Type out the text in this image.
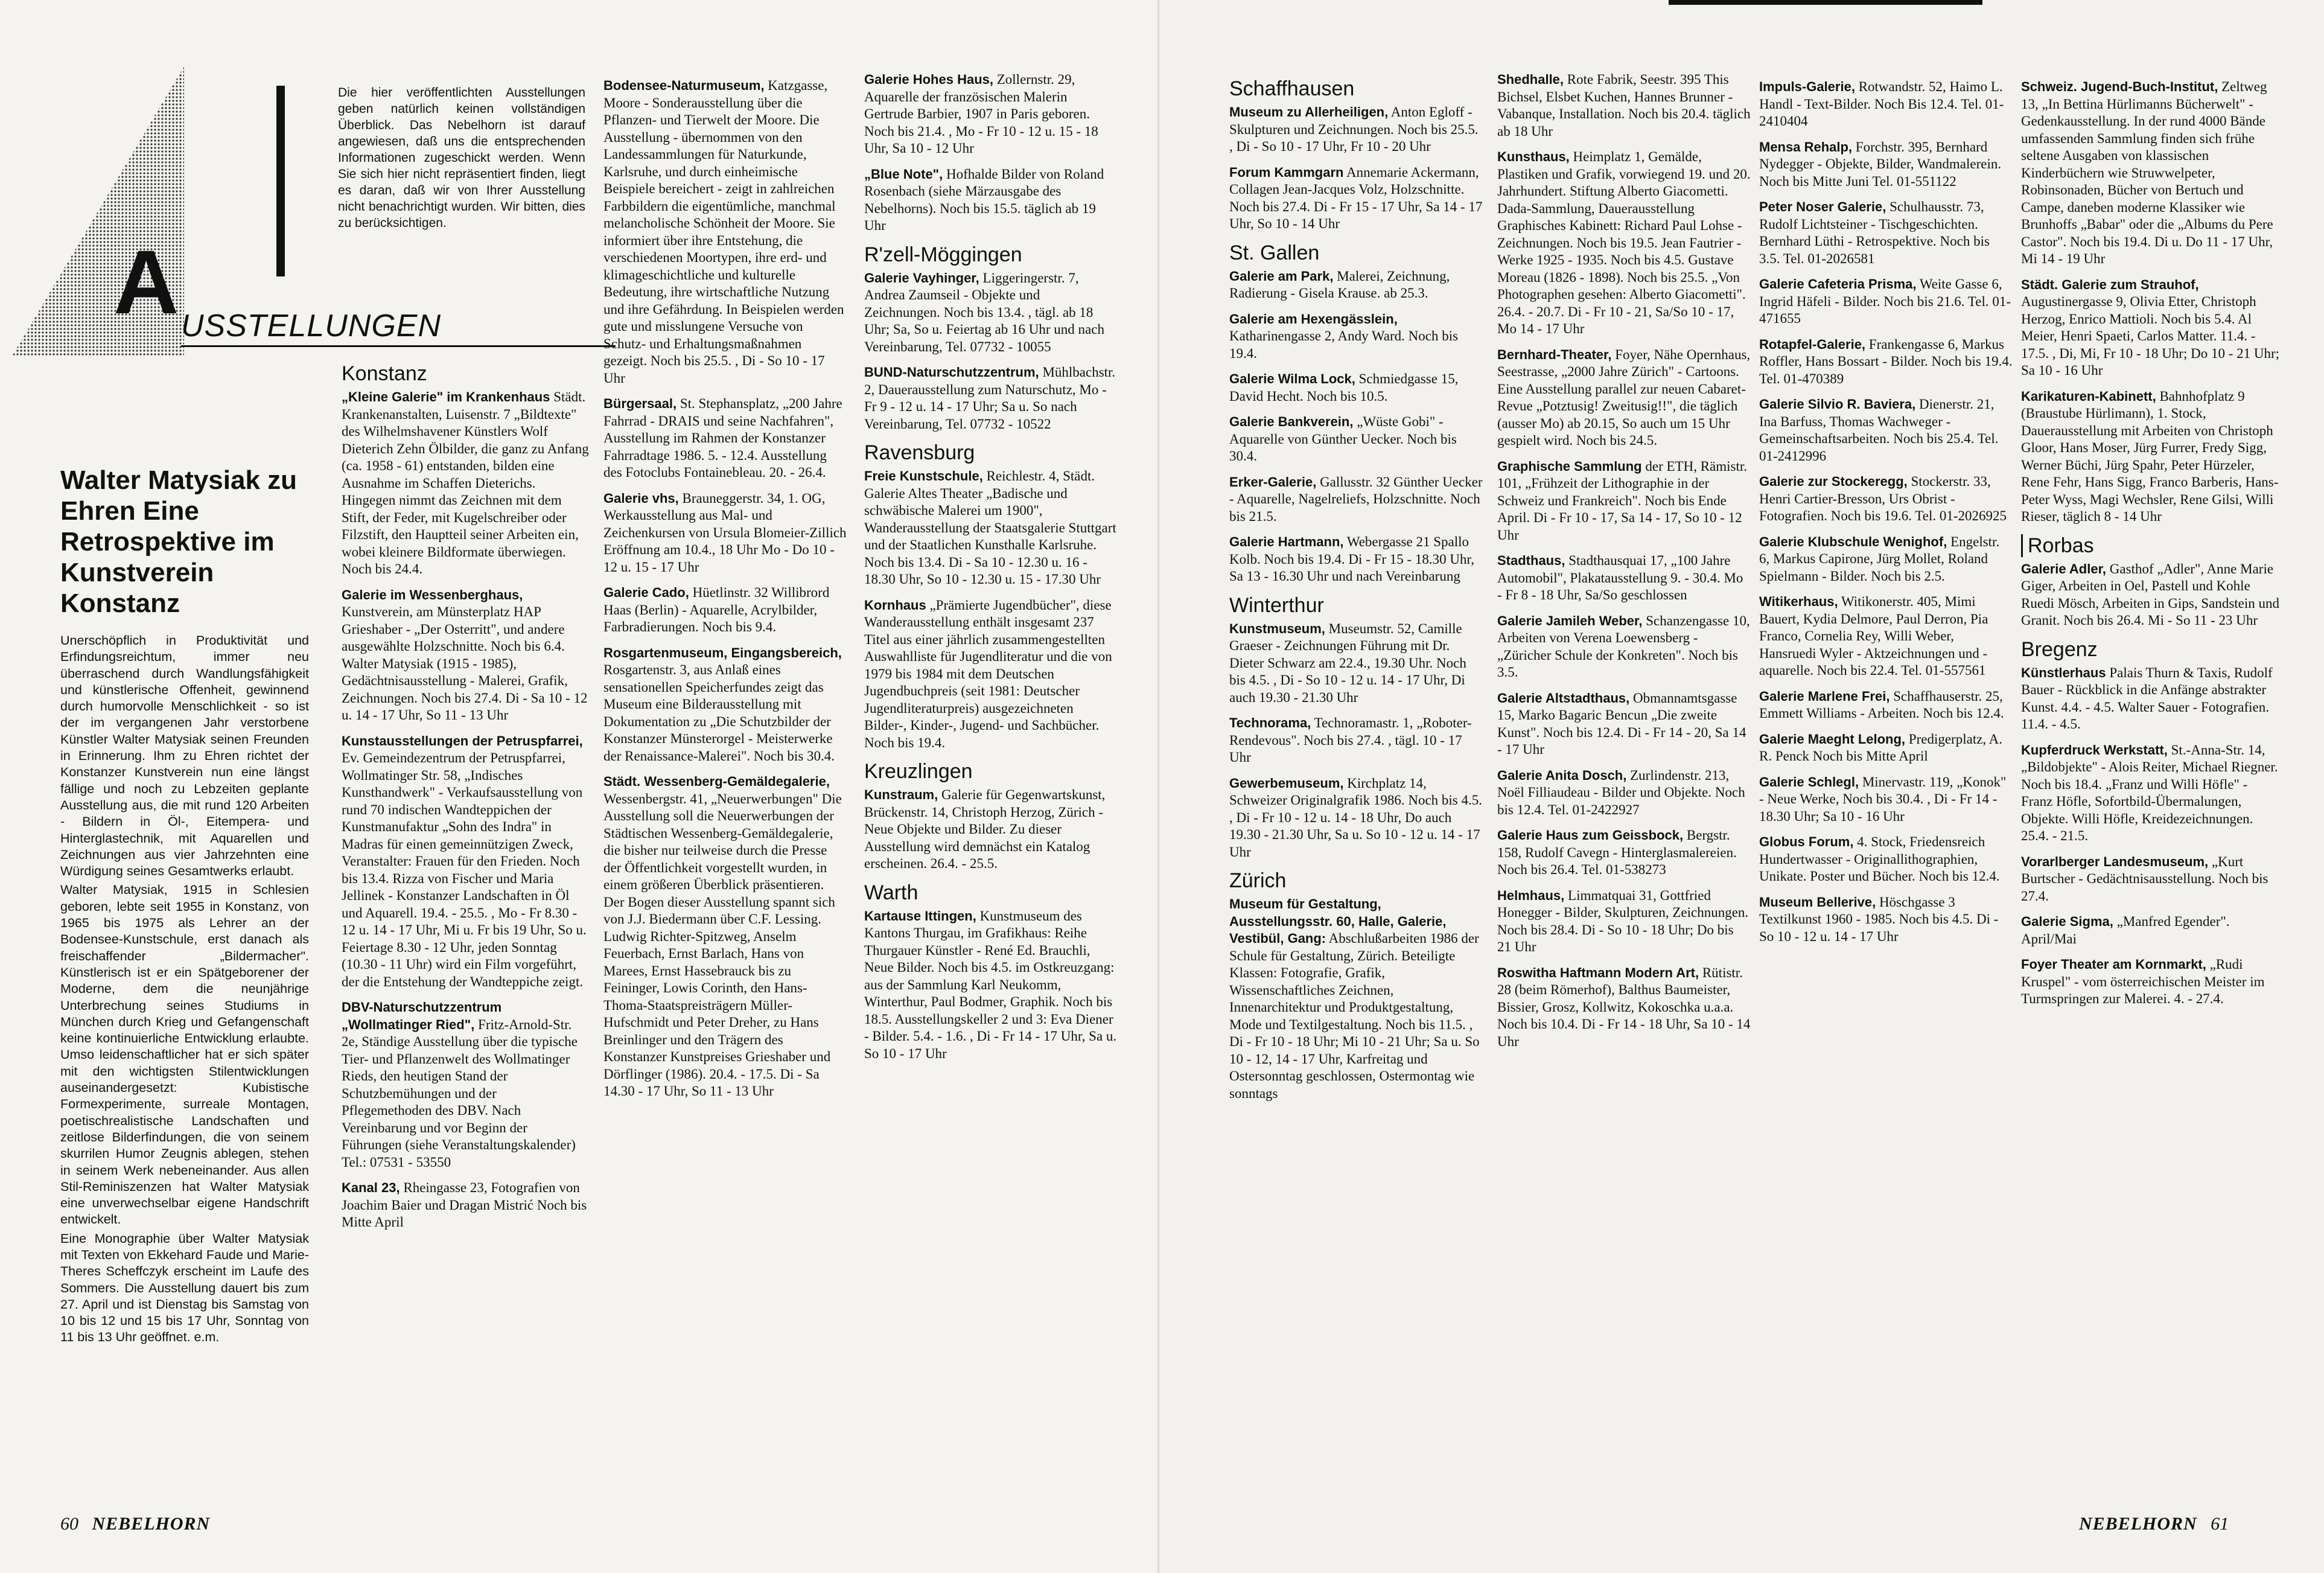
A USSTELLUNGEN
Die hier veröffentlichten Ausstellungen geben natürlich keinen vollständigen Überblick. Das Nebelhorn ist darauf angewiesen, daß uns die entsprechenden Informationen zugeschickt werden. Wenn Sie sich hier nicht repräsentiert finden, liegt es daran, daß wir von Ihrer Ausstellung nicht benachrichtigt wurden. Wir bitten, dies zu berücksichtigen.
Walter Matysiak zu Ehren Eine Retrospektive im Kunstverein Konstanz

Unerschöpflich in Produktivität und Erfindungsreichtum, immer neu überraschend durch Wandlungsfähigkeit und künstlerische Offenheit, gewinnend durch humorvolle Menschlichkeit - so ist der im vergangenen Jahr verstorbene Künstler Walter Matysiak seinen Freunden in Erinnerung. Ihm zu Ehren richtet der Konstanzer Kunstverein nun eine längst fällige und noch zu Lebzeiten geplante Ausstellung aus, die mit rund 120 Arbeiten - Bildern in Öl-, Eitempera- und Hinterglastechnik, mit Aquarellen und Zeichnungen aus vier Jahrzehnten eine Würdigung seines Gesamtwerks erlaubt.

Walter Matysiak, 1915 in Schlesien geboren, lebte seit 1955 in Konstanz, von 1965 bis 1975 als Lehrer an der Bodensee-Kunstschule, erst danach als freischaffender „Bildermacher". Künstlerisch ist er ein Spätgeborener der Moderne, dem die neunjährige Unterbrechung seines Studiums in München durch Krieg und Gefangenschaft keine kontinuierliche Entwicklung erlaubte. Umso leidenschaftlicher hat er sich später mit den wichtigsten Stilentwicklungen auseinandergesetzt: Kubistische Formexperimente, surreale Montagen, poetischrealistische Landschaften und zeitlose Bilderfindungen, die von seinem skurrilen Humor Zeugnis ablegen, stehen in seinem Werk nebeneinander. Aus allen Stil-Reminiszenzen hat Walter Matysiak eine unverwechselbar eigene Handschrift entwickelt.

Eine Monographie über Walter Matysiak mit Texten von Ekkehard Faude und Marie-Theres Scheffczyk erscheint im Laufe des Sommers. Die Ausstellung dauert bis zum 27. April und ist Dienstag bis Samstag von 10 bis 12 und 15 bis 17 Uhr, Sonntag von 11 bis 13 Uhr geöffnet. e.m.

Konstanz

„Kleine Galerie" im Krankenhaus Städt. Krankenanstalten, Luisenstr. 7 „Bildtexte" des Wilhelmshavener Künstlers Wolf Dieterich Zehn Ölbilder, die ganz zu Anfang (ca. 1958 - 61) entstanden, bilden eine Ausnahme im Schaffen Dieterichs. Hingegen nimmt das Zeichnen mit dem Stift, der Feder, mit Kugelschreiber oder Filzstift, den Hauptteil seiner Arbeiten ein, wobei kleinere Bildformate überwiegen. Noch bis 24.4.

Galerie im Wessenberghaus, Kunstverein, am Münsterplatz HAP Grieshaber - „Der Osterritt", und andere ausgewählte Holzschnitte. Noch bis 6.4. Walter Matysiak (1915 - 1985), Gedächtnisausstellung - Malerei, Grafik, Zeichnungen. Noch bis 27.4. Di - Sa 10 - 12 u. 14 - 17 Uhr, So 11 - 13 Uhr

Kunstausstellungen der Petruspfarrei, Ev. Gemeindezentrum der Petruspfarrei, Wollmatinger Str. 58, „Indisches Kunsthandwerk" - Verkaufsausstellung von rund 70 indischen Wandteppichen der Kunstmanufaktur „Sohn des Indra" in Madras für einen gemeinnützigen Zweck, Veranstalter: Frauen für den Frieden. Noch bis 13.4. Rizza von Fischer und Maria Jellinek - Konstanzer Landschaften in Öl und Aquarell. 19.4. - 25.5. , Mo - Fr 8.30 - 12 u. 14 - 17 Uhr, Mi u. Fr bis 19 Uhr, So u. Feiertage 8.30 - 12 Uhr, jeden Sonntag (10.30 - 11 Uhr) wird ein Film vorgeführt, der die Entstehung der Wandteppiche zeigt.

DBV-Naturschutzzentrum „Wollmatinger Ried", Fritz-Arnold-Str. 2e, Ständige Ausstellung über die typische Tier- und Pflanzenwelt des Wollmatinger Rieds, den heutigen Stand der Schutzbemühungen und der Pflegemethoden des DBV. Nach Vereinbarung und vor Beginn der Führungen (siehe Veranstaltungskalender) Tel.: 07531 - 53550

Kanal 23, Rheingasse 23, Fotografien von Joachim Baier und Dragan Mistrić Noch bis Mitte April

Bodensee-Naturmuseum, Katzgasse, Moore - Sonderausstellung über die Pflanzen- und Tierwelt der Moore. Die Ausstellung - übernommen von den Landessammlungen für Naturkunde, Karlsruhe, und durch einheimische Beispiele bereichert - zeigt in zahlreichen Farbbildern die eigentümliche, manchmal melancholische Schönheit der Moore. Sie informiert über ihre Entstehung, die verschiedenen Moortypen, ihre erd- und klimageschichtliche und kulturelle Bedeutung, ihre wirtschaftliche Nutzung und ihre Gefährdung. In Beispielen werden gute und misslungene Versuche von Schutz- und Erhaltungsmaßnahmen gezeigt. Noch bis 25.5. , Di - So 10 - 17 Uhr

Bürgersaal, St. Stephansplatz, „200 Jahre Fahrrad - DRAIS und seine Nachfahren", Ausstellung im Rahmen der Konstanzer Fahrradtage 1986. 5. - 12.4. Ausstellung des Fotoclubs Fontainebleau. 20. - 26.4.

Galerie vhs, Brauneggerstr. 34, 1. OG, Werkausstellung aus Mal- und Zeichenkursen von Ursula Blomeier-Zillich Eröffnung am 10.4., 18 Uhr Mo - Do 10 - 12 u. 15 - 17 Uhr

Galerie Cado, Hüetlinstr. 32 Willibrord Haas (Berlin) - Aquarelle, Acrylbilder, Farbradierungen. Noch bis 9.4.

Rosgartenmuseum, Eingangsbereich, Rosgartenstr. 3, aus Anlaß eines sensationellen Speicherfundes zeigt das Museum eine Bilderausstellung mit Dokumentation zu „Die Schutzbilder der Konstanzer Münsterorgel - Meisterwerke der Renaissance-Malerei". Noch bis 30.4.

Städt. Wessenberg-Gemäldegalerie, Wessenbergstr. 41, „Neuerwerbungen" Die Ausstellung soll die Neuerwerbungen der Städtischen Wessenberg-Gemäldegalerie, die bisher nur teilweise durch die Presse der Öffentlichkeit vorgestellt wurden, in einem größeren Überblick präsentieren. Der Bogen dieser Ausstellung spannt sich von J.J. Biedermann über C.F. Lessing. Ludwig Richter-Spitzweg, Anselm Feuerbach, Ernst Barlach, Hans von Marees, Ernst Hassebrauck bis zu Feininger, Lowis Corinth, den Hans-Thoma-Staatspreisträgern Müller-Hufschmidt und Peter Dreher, zu Hans Breinlinger und den Trägern des Konstanzer Kunstpreises Grieshaber und Dörflinger (1986). 20.4. - 17.5. Di - Sa 14.30 - 17 Uhr, So 11 - 13 Uhr

Galerie Hohes Haus, Zollernstr. 29, Aquarelle der französischen Malerin Gertrude Barbier, 1907 in Paris geboren. Noch bis 21.4. , Mo - Fr 10 - 12 u. 15 - 18 Uhr, Sa 10 - 12 Uhr

„Blue Note", Hofhalde Bilder von Roland Rosenbach (siehe Märzausgabe des Nebelhorns). Noch bis 15.5. täglich ab 19 Uhr

R'zell-Möggingen

Galerie Vayhinger, Liggeringerstr. 7, Andrea Zaumseil - Objekte und Zeichnungen. Noch bis 13.4. , tägl. ab 18 Uhr; Sa, So u. Feiertag ab 16 Uhr und nach Vereinbarung, Tel. 07732 - 10055

BUND-Naturschutzzentrum, Mühlbachstr. 2, Dauerausstellung zum Naturschutz, Mo - Fr 9 - 12 u. 14 - 17 Uhr; Sa u. So nach Vereinbarung, Tel. 07732 - 10522

Ravensburg

Freie Kunstschule, Reichlestr. 4, Städt. Galerie Altes Theater „Badische und schwäbische Malerei um 1900", Wanderausstellung der Staatsgalerie Stuttgart und der Staatlichen Kunsthalle Karlsruhe. Noch bis 13.4. Di - Sa 10 - 12.30 u. 16 - 18.30 Uhr, So 10 - 12.30 u. 15 - 17.30 Uhr

Kornhaus „Prämierte Jugendbücher", diese Wanderausstellung enthält insgesamt 237 Titel aus einer jährlich zusammengestellten Auswahlliste für Jugendliteratur und die von 1979 bis 1984 mit dem Deutschen Jugendbuchpreis (seit 1981: Deutscher Jugendliteraturpreis) ausgezeichneten Bilder-, Kinder-, Jugend- und Sachbücher. Noch bis 19.4.

Kreuzlingen

Kunstraum, Galerie für Gegenwartskunst, Brückenstr. 14, Christoph Herzog, Zürich - Neue Objekte und Bilder. Zu dieser Ausstellung wird demnächst ein Katalog erscheinen. 26.4. - 25.5.

Warth

Kartause Ittingen, Kunstmuseum des Kantons Thurgau, im Grafikhaus: Reihe Thurgauer Künstler - René Ed. Brauchli, Neue Bilder. Noch bis 4.5. im Ostkreuzgang: aus der Sammlung Karl Neukomm, Winterthur, Paul Bodmer, Graphik. Noch bis 18.5. Ausstellungskeller 2 und 3: Eva Diener - Bilder. 5.4. - 1.6. , Di - Fr 14 - 17 Uhr, Sa u. So 10 - 17 Uhr

60 NEBELHORN
Schaffhausen

Museum zu Allerheiligen, Anton Egloff - Skulpturen und Zeichnungen. Noch bis 25.5. , Di - So 10 - 17 Uhr, Fr 10 - 20 Uhr

Forum Kammgarn Annemarie Ackermann, Collagen Jean-Jacques Volz, Holzschnitte. Noch bis 27.4. Di - Fr 15 - 17 Uhr, Sa 14 - 17 Uhr, So 10 - 14 Uhr

St. Gallen

Galerie am Park, Malerei, Zeichnung, Radierung - Gisela Krause. ab 25.3.

Galerie am Hexengässlein, Katharinengasse 2, Andy Ward. Noch bis 19.4.

Galerie Wilma Lock, Schmiedgasse 15, David Hecht. Noch bis 10.5.

Galerie Bankverein, „Wüste Gobi" - Aquarelle von Günther Uecker. Noch bis 30.4.

Erker-Galerie, Gallusstr. 32 Günther Uecker - Aquarelle, Nagelreliefs, Holzschnitte. Noch bis 21.5.

Galerie Hartmann, Webergasse 21 Spallo Kolb. Noch bis 19.4. Di - Fr 15 - 18.30 Uhr, Sa 13 - 16.30 Uhr und nach Vereinbarung

Winterthur

Kunstmuseum, Museumstr. 52, Camille Graeser - Zeichnungen Führung mit Dr. Dieter Schwarz am 22.4., 19.30 Uhr. Noch bis 4.5. , Di - So 10 - 12 u. 14 - 17 Uhr, Di auch 19.30 - 21.30 Uhr

Technorama, Technoramastr. 1, „Roboter-Rendevous". Noch bis 27.4. , tägl. 10 - 17 Uhr

Gewerbemuseum, Kirchplatz 14, Schweizer Originalgrafik 1986. Noch bis 4.5. , Di - Fr 10 - 12 u. 14 - 18 Uhr, Do auch 19.30 - 21.30 Uhr, Sa u. So 10 - 12 u. 14 - 17 Uhr

Zürich

Museum für Gestaltung, Ausstellungsstr. 60, Halle, Galerie, Vestibül, Gang: Abschlußarbeiten 1986 der Schule für Gestaltung, Zürich. Beteiligte Klassen: Fotografie, Grafik, Wissenschaftliches Zeichnen, Innenarchitektur und Produktgestaltung, Mode und Textilgestaltung. Noch bis 11.5. , Di - Fr 10 - 18 Uhr; Mi 10 - 21 Uhr; Sa u. So 10 - 12, 14 - 17 Uhr, Karfreitag und Ostersonntag geschlossen, Ostermontag wie sonntags

Shedhalle, Rote Fabrik, Seestr. 395 This Bichsel, Elsbet Kuchen, Hannes Brunner - Vabanque, Installation. Noch bis 20.4. täglich ab 18 Uhr

Kunsthaus, Heimplatz 1, Gemälde, Plastiken und Grafik, vorwiegend 19. und 20. Jahrhundert. Stiftung Alberto Giacometti. Dada-Sammlung, Dauerausstellung Graphisches Kabinett: Richard Paul Lohse - Zeichnungen. Noch bis 19.5. Jean Fautrier - Werke 1925 - 1935. Noch bis 4.5. Gustave Moreau (1826 - 1898). Noch bis 25.5. „Von Photographen gesehen: Alberto Giacometti". 26.4. - 20.7. Di - Fr 10 - 21, Sa/So 10 - 17, Mo 14 - 17 Uhr

Bernhard-Theater, Foyer, Nähe Opernhaus, Seestrasse, „2000 Jahre Zürich" - Cartoons. Eine Ausstellung parallel zur neuen Cabaret-Revue „Potztusig! Zweitusig!!", die täglich (ausser Mo) ab 20.15, So auch um 15 Uhr gespielt wird. Noch bis 24.5.

Graphische Sammlung der ETH, Rämistr. 101, „Frühzeit der Lithographie in der Schweiz und Frankreich". Noch bis Ende April. Di - Fr 10 - 17, Sa 14 - 17, So 10 - 12 Uhr

Stadthaus, Stadthausquai 17, „100 Jahre Automobil", Plakatausstellung 9. - 30.4. Mo - Fr 8 - 18 Uhr, Sa/So geschlossen

Galerie Jamileh Weber, Schanzengasse 10, Arbeiten von Verena Loewensberg - „Züricher Schule der Konkreten". Noch bis 3.5.

Galerie Altstadthaus, Obmannamtsgasse 15, Marko Bagaric Bencun „Die zweite Kunst". Noch bis 12.4. Di - Fr 14 - 20, Sa 14 - 17 Uhr

Galerie Anita Dosch, Zurlindenstr. 213, Noël Filliaudeau - Bilder und Objekte. Noch bis 12.4. Tel. 01-2422927

Galerie Haus zum Geissbock, Bergstr. 158, Rudolf Cavegn - Hinterglasmalereien. Noch bis 26.4. Tel. 01-538273

Helmhaus, Limmatquai 31, Gottfried Honegger - Bilder, Skulpturen, Zeichnungen. Noch bis 28.4. Di - So 10 - 18 Uhr; Do bis 21 Uhr

Roswitha Haftmann Modern Art, Rütistr. 28 (beim Römerhof), Balthus Baumeister, Bissier, Grosz, Kollwitz, Kokoschka u.a.a. Noch bis 10.4. Di - Fr 14 - 18 Uhr, Sa 10 - 14 Uhr

Impuls-Galerie, Rotwandstr. 52, Haimo L. Handl - Text-Bilder. Noch Bis 12.4. Tel. 01-2410404

Mensa Rehalp, Forchstr. 395, Bernhard Nydegger - Objekte, Bilder, Wandmalerein. Noch bis Mitte Juni Tel. 01-551122

Peter Noser Galerie, Schulhausstr. 73, Rudolf Lichtsteiner - Tischgeschichten. Bernhard Lüthi - Retrospektive. Noch bis 3.5. Tel. 01-2026581

Galerie Cafeteria Prisma, Weite Gasse 6, Ingrid Häfeli - Bilder. Noch bis 21.6. Tel. 01-471655

Rotapfel-Galerie, Frankengasse 6, Markus Roffler, Hans Bossart - Bilder. Noch bis 19.4. Tel. 01-470389

Galerie Silvio R. Baviera, Dienerstr. 21, Ina Barfuss, Thomas Wachweger - Gemeinschaftsarbeiten. Noch bis 25.4. Tel. 01-2412996

Galerie zur Stockeregg, Stockerstr. 33, Henri Cartier-Bresson, Urs Obrist - Fotografien. Noch bis 19.6. Tel. 01-2026925

Galerie Klubschule Wenighof, Engelstr. 6, Markus Capirone, Jürg Mollet, Roland Spielmann - Bilder. Noch bis 2.5.

Witikerhaus, Witikonerstr. 405, Mimi Bauert, Kydia Delmore, Paul Derron, Pia Franco, Cornelia Rey, Willi Weber, Hansruedi Wyler - Aktzeichnungen und -aquarelle. Noch bis 22.4. Tel. 01-557561

Galerie Marlene Frei, Schaffhauserstr. 25, Emmett Williams - Arbeiten. Noch bis 12.4.

Galerie Maeght Lelong, Predigerplatz, A. R. Penck Noch bis Mitte April

Galerie Schlegl, Minervastr. 119, „Konok" - Neue Werke, Noch bis 30.4. , Di - Fr 14 - 18.30 Uhr; Sa 10 - 16 Uhr

Globus Forum, 4. Stock, Friedensreich Hundertwasser - Originallithographien, Unikate. Poster und Bücher. Noch bis 12.4.

Museum Bellerive, Höschgasse 3 Textilkunst 1960 - 1985. Noch bis 4.5. Di - So 10 - 12 u. 14 - 17 Uhr

Schweiz. Jugend-Buch-Institut, Zeltweg 13, „In Bettina Hürlimanns Bücherwelt" - Gedenkausstellung. In der rund 4000 Bände umfassenden Sammlung finden sich frühe seltene Ausgaben von klassischen Kinderbüchern wie Struwwelpeter, Robinsonaden, Bücher von Bertuch und Campe, daneben moderne Klassiker wie Brunhoffs „Babar" oder die „Albums du Pere Castor". Noch bis 19.4. Di u. Do 11 - 17 Uhr, Mi 14 - 19 Uhr

Städt. Galerie zum Strauhof, Augustinergasse 9, Olivia Etter, Christoph Herzog, Enrico Mattioli. Noch bis 5.4. Al Meier, Henri Spaeti, Carlos Matter. 11.4. - 17.5. , Di, Mi, Fr 10 - 18 Uhr; Do 10 - 21 Uhr; Sa 10 - 16 Uhr

Karikaturen-Kabinett, Bahnhofplatz 9 (Braustube Hürlimann), 1. Stock, Dauerausstellung mit Arbeiten von Christoph Gloor, Hans Moser, Jürg Furrer, Fredy Sigg, Werner Büchi, Jürg Spahr, Peter Hürzeler, Rene Fehr, Hans Sigg, Franco Barberis, Hans-Peter Wyss, Magi Wechsler, Rene Gilsi, Willi Rieser, täglich 8 - 14 Uhr

Rorbas

Galerie Adler, Gasthof „Adler", Anne Marie Giger, Arbeiten in Oel, Pastell und Kohle Ruedi Mösch, Arbeiten in Gips, Sandstein und Granit. Noch bis 26.4. Mi - So 11 - 23 Uhr

Bregenz

Künstlerhaus Palais Thurn & Taxis, Rudolf Bauer - Rückblick in die Anfänge abstrakter Kunst. 4.4. - 4.5. Walter Sauer - Fotografien. 11.4. - 4.5.

Kupferdruck Werkstatt, St.-Anna-Str. 14, „Bildobjekte" - Alois Reiter, Michael Riegner. Noch bis 18.4. „Franz und Willi Höfle" - Franz Höfle, Sofortbild-Übermalungen, Objekte. Willi Höfle, Kreidezeichnungen. 25.4. - 21.5.

Vorarlberger Landesmuseum, „Kurt Burtscher - Gedächtnisausstellung. Noch bis 27.4.

Galerie Sigma, „Manfred Egender". April/Mai

Foyer Theater am Kornmarkt, „Rudi Kruspel" - vom österreichischen Meister im Turmspringen zur Malerei. 4. - 27.4.

NEBELHORN 61
